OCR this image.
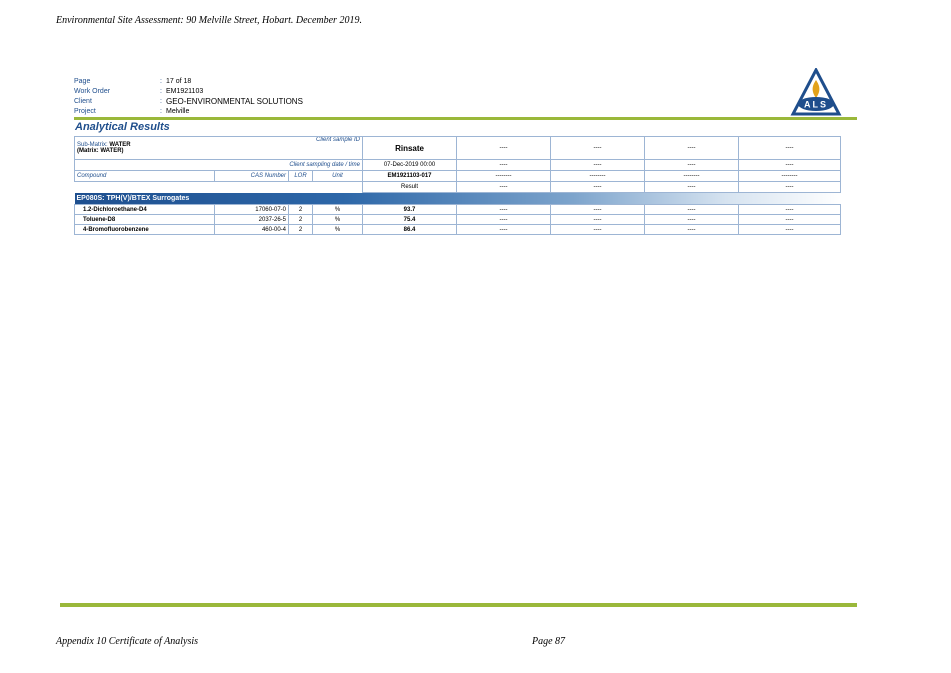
Environmental Site Assessment: 90 Melville Street, Hobart. December 2019.
Page	: 17 of 18
Work Order	: EM1921103
Client	: GEO-ENVIRONMENTAL SOLUTIONS
Project	: Melville
ALS
Analytical Results
Sub-Matrix: WATER
(Matrix: WATER)		Client sample ID		Rinsate	----	----	----	----
Client sampling date / time				07-Dec-2019 00:00	----	----	----	----
Compound	CAS Number	LOR	Unit	EM1921103-017	--------	--------	--------	--------
				Result	----	----	----	----
EP080S: TPH(V)/BTEX Surrogates								
1.2-Dichloroethane-D4	17060-07-0	2	%	93.7	----	----	----	----
Toluene-D8	2037-26-5	2	%	75.4	----	----	----	----
4-Bromofluorobenzene	460-00-4	2	%	86.4	----	----	----	----
Appendix 10 Certificate of Analysis	Page 87
